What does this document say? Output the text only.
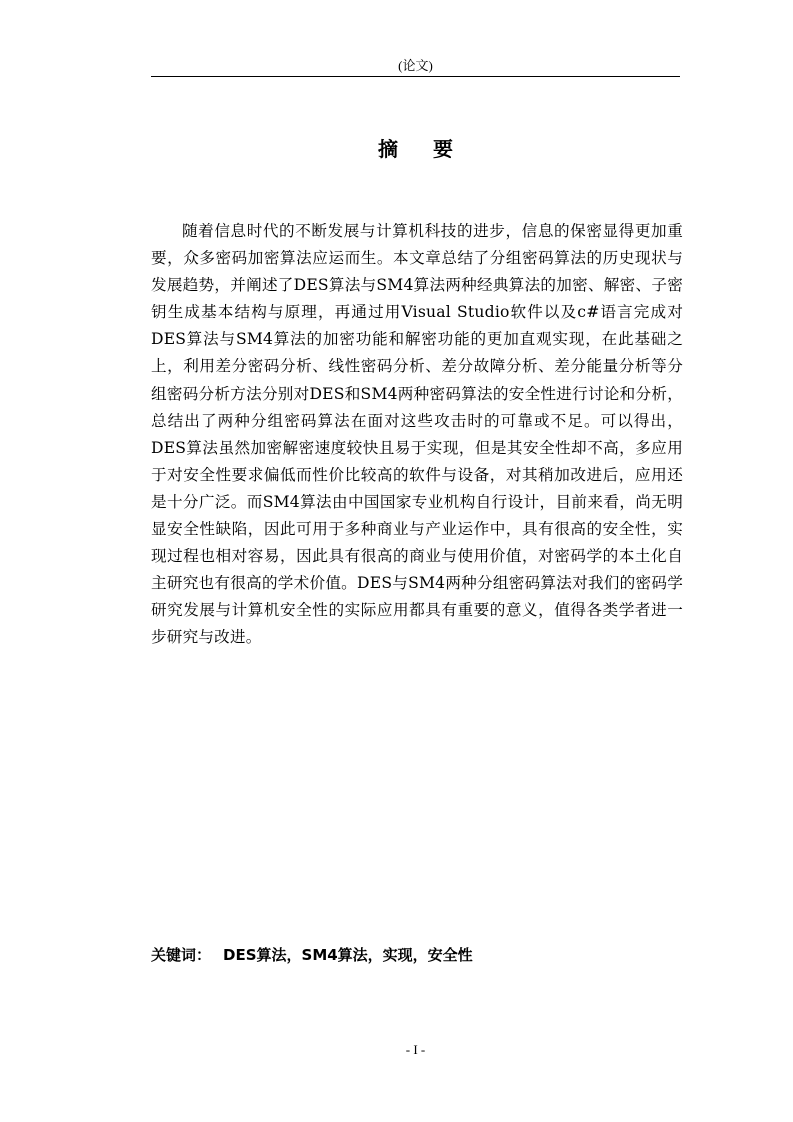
(论文)
摘 要

随着信息时代的不断发展与计算机科技的进步，信息的保密显得更加重要，众多密码加密算法应运而生。本文章总结了分组密码算法的历史现状与发展趋势，并阐述了DES算法与SM4算法两种经典算法的加密、解密、子密钥生成基本结构与原理，再通过用Visual Studio软件以及c#语言完成对DES算法与SM4算法的加密功能和解密功能的更加直观实现，在此基础之上，利用差分密码分析、线性密码分析、差分故障分析、差分能量分析等分组密码分析方法分别对DES和SM4两种密码算法的安全性进行讨论和分析，总结出了两种分组密码算法在面对这些攻击时的可靠或不足。可以得出，DES算法虽然加密解密速度较快且易于实现，但是其安全性却不高，多应用于对安全性要求偏低而性价比较高的软件与设备，对其稍加改进后，应用还是十分广泛。而SM4算法由中国国家专业机构自行设计，目前来看，尚无明显安全性缺陷，因此可用于多种商业与产业运作中，具有很高的安全性，实现过程也相对容易，因此具有很高的商业与使用价值，对密码学的本土化自主研究也有很高的学术价值。DES与SM4两种分组密码算法对我们的密码学研究发展与计算机安全性的实际应用都具有重要的意义，值得各类学者进一步研究与改进。

关键词： DES算法，SM4算法，实现，安全性
- I -
